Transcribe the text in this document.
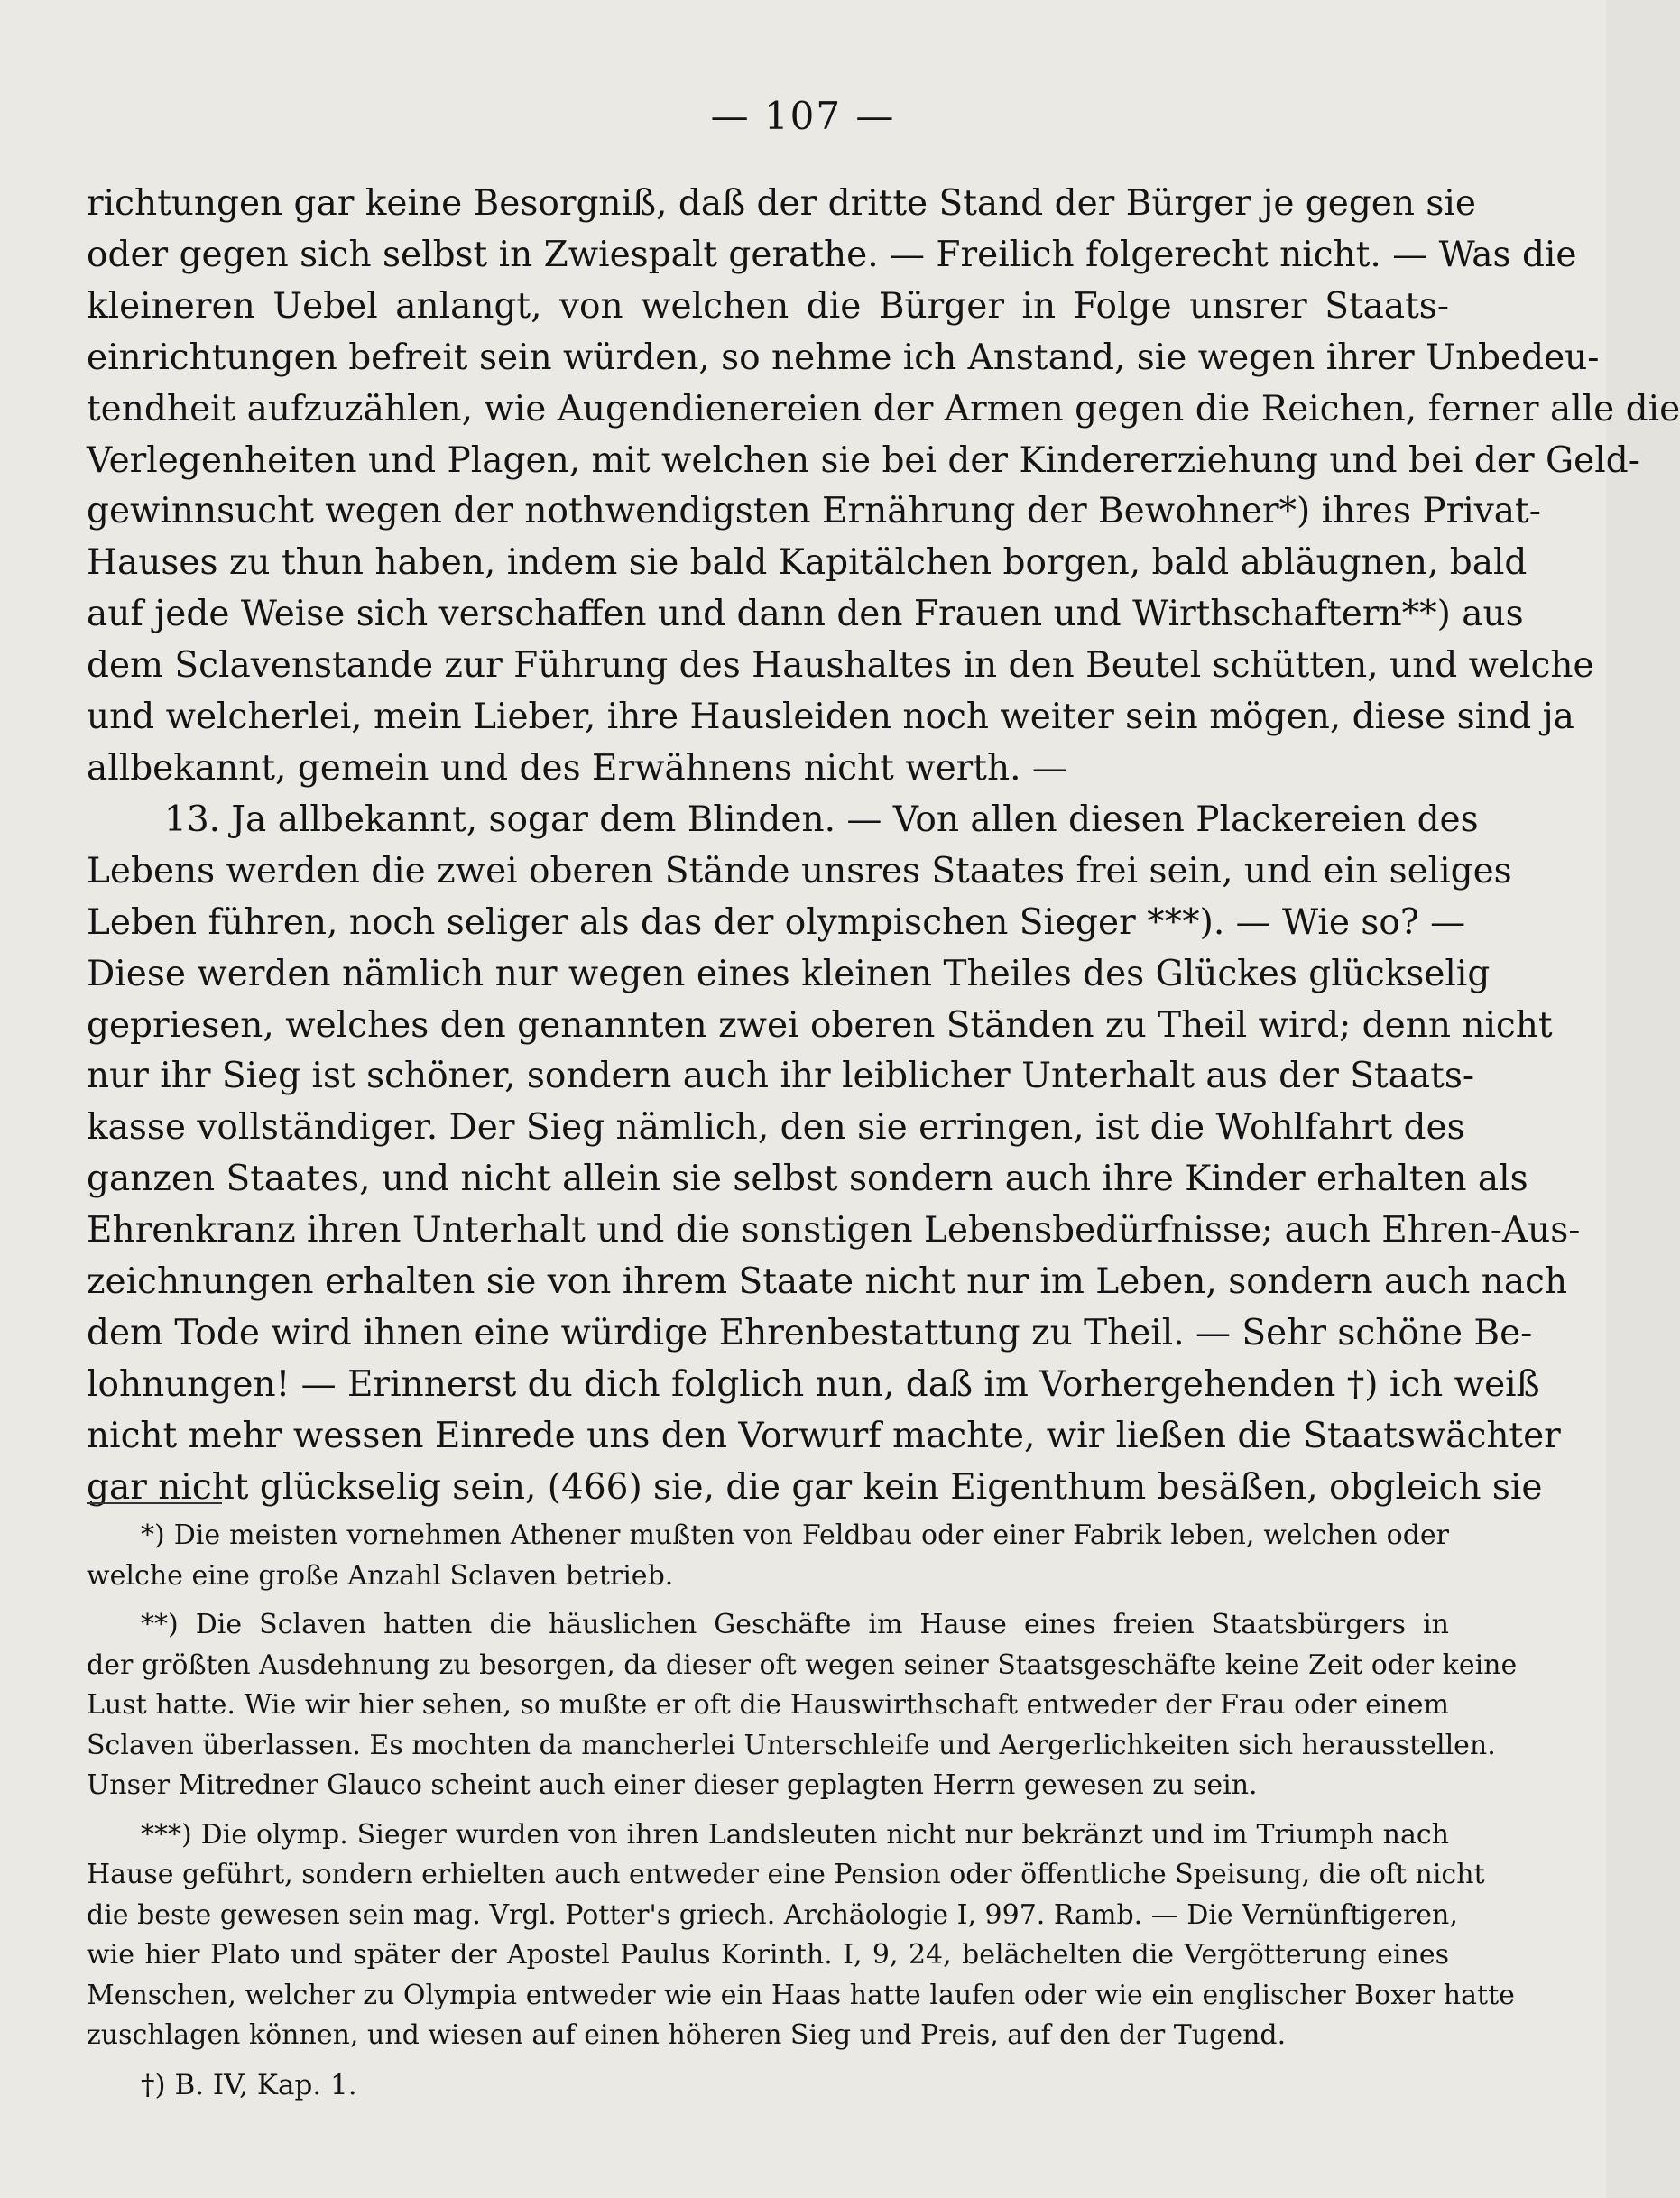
— 107 —
richtungen gar keine Besorgniß, daß der dritte Stand der Bürger je gegen sie
oder gegen sich selbst in Zwiespalt gerathe. — Freilich folgerecht nicht. — Was die
kleineren Uebel anlangt, von welchen die Bürger in Folge unsrer Staats-
einrichtungen befreit sein würden, so nehme ich Anstand, sie wegen ihrer Unbedeu-
tendheit aufzuzählen, wie Augendienereien der Armen gegen die Reichen, ferner alle die
Verlegenheiten und Plagen, mit welchen sie bei der Kindererziehung und bei der Geld-
gewinnsucht wegen der nothwendigsten Ernährung der Bewohner*) ihres Privat-
Hauses zu thun haben, indem sie bald Kapitälchen borgen, bald abläugnen, bald
auf jede Weise sich verschaffen und dann den Frauen und Wirthschaftern**) aus
dem Sclavenstande zur Führung des Haushaltes in den Beutel schütten, und welche
und welcherlei, mein Lieber, ihre Hausleiden noch weiter sein mögen, diese sind ja
allbekannt, gemein und des Erwähnens nicht werth. —
13. Ja allbekannt, sogar dem Blinden. — Von allen diesen Plackereien des
Lebens werden die zwei oberen Stände unsres Staates frei sein, und ein seliges
Leben führen, noch seliger als das der olympischen Sieger ***). — Wie so? —
Diese werden nämlich nur wegen eines kleinen Theiles des Glückes glückselig
gepriesen, welches den genannten zwei oberen Ständen zu Theil wird; denn nicht
nur ihr Sieg ist schöner, sondern auch ihr leiblicher Unterhalt aus der Staats-
kasse vollständiger. Der Sieg nämlich, den sie erringen, ist die Wohlfahrt des
ganzen Staates, und nicht allein sie selbst sondern auch ihre Kinder erhalten als
Ehrenkranz ihren Unterhalt und die sonstigen Lebensbedürfnisse; auch Ehren-Aus-
zeichnungen erhalten sie von ihrem Staate nicht nur im Leben, sondern auch nach
dem Tode wird ihnen eine würdige Ehrenbestattung zu Theil. — Sehr schöne Be-
lohnungen! — Erinnerst du dich folglich nun, daß im Vorhergehenden †) ich weiß
nicht mehr wessen Einrede uns den Vorwurf machte, wir ließen die Staatswächter
gar nicht glückselig sein, (466) sie, die gar kein Eigenthum besäßen, obgleich sie
*) Die meisten vornehmen Athener mußten von Feldbau oder einer Fabrik leben, welchen oder
welche eine große Anzahl Sclaven betrieb.
**) Die Sclaven hatten die häuslichen Geschäfte im Hause eines freien Staatsbürgers in
der größten Ausdehnung zu besorgen, da dieser oft wegen seiner Staatsgeschäfte keine Zeit oder keine
Lust hatte. Wie wir hier sehen, so mußte er oft die Hauswirthschaft entweder der Frau oder einem
Sclaven überlassen. Es mochten da mancherlei Unterschleife und Aergerlichkeiten sich herausstellen.
Unser Mitredner Glauco scheint auch einer dieser geplagten Herrn gewesen zu sein.
***) Die olymp. Sieger wurden von ihren Landsleuten nicht nur bekränzt und im Triumph nach
Hause geführt, sondern erhielten auch entweder eine Pension oder öffentliche Speisung, die oft nicht
die beste gewesen sein mag. Vrgl. Potter's griech. Archäologie I, 997. Ramb. — Die Vernünftigeren,
wie hier Plato und später der Apostel Paulus Korinth. I, 9, 24, belächelten die Vergötterung eines
Menschen, welcher zu Olympia entweder wie ein Haas hatte laufen oder wie ein englischer Boxer hatte
zuschlagen können, und wiesen auf einen höheren Sieg und Preis, auf den der Tugend.
†) B. IV, Kap. 1.
